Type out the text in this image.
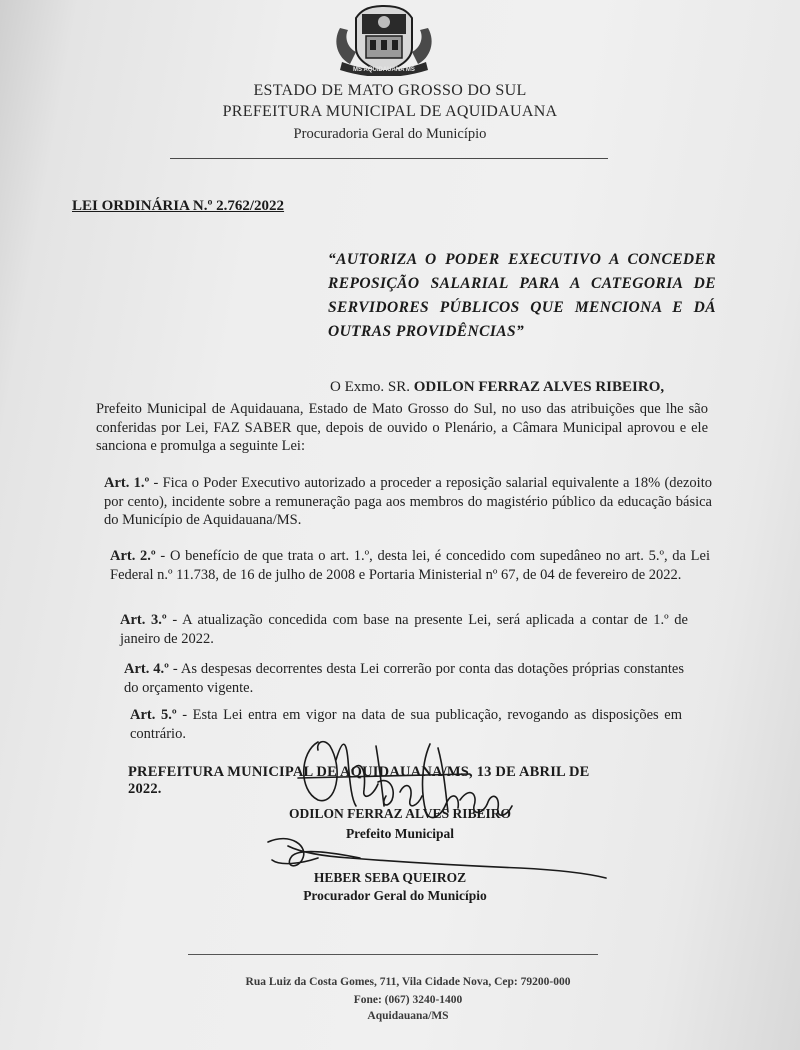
MS AQUIDAUANA MS
ESTADO DE MATO GROSSO DO SUL
PREFEITURA MUNICIPAL DE AQUIDAUANA
Procuradoria Geral do Município
LEI ORDINÁRIA N.º 2.762/2022
“AUTORIZA O PODER EXECUTIVO A CONCEDER REPOSIÇÃO SALARIAL PARA A CATEGORIA DE SERVIDORES PÚBLICOS QUE MENCIONA E DÁ OUTRAS PROVIDÊNCIAS”
O Exmo. SR. ODILON FERRAZ ALVES RIBEIRO,
Prefeito Municipal de Aquidauana, Estado de Mato Grosso do Sul, no uso das atribuições que lhe são conferidas por Lei, FAZ SABER que, depois de ouvido o Plenário, a Câmara Municipal aprovou e ele sanciona e promulga a seguinte Lei:
Art. 1.º - Fica o Poder Executivo autorizado a proceder a reposição salarial equivalente a 18% (dezoito por cento), incidente sobre a remuneração paga aos membros do magistério público da educação básica do Município de Aquidauana/MS.
Art. 2.º - O benefício de que trata o art. 1.º, desta lei, é concedido com supedâneo no art. 5.º, da Lei Federal n.º 11.738, de 16 de julho de 2008 e Portaria Ministerial nº 67, de 04 de fevereiro de 2022.
Art. 3.º - A atualização concedida com base na presente Lei, será aplicada a contar de 1.º de janeiro de 2022.
Art. 4.º - As despesas decorrentes desta Lei correrão por conta das dotações próprias constantes do orçamento vigente.
Art. 5.º - Esta Lei entra em vigor na data de sua publicação, revogando as disposições em contrário.
PREFEITURA MUNICIPAL DE AQUIDAUANA/MS, 13 DE ABRIL DE 2022.
ODILON FERRAZ ALVES RIBEIRO
Prefeito Municipal
HEBER SEBA QUEIROZ
Procurador Geral do Município
Rua Luiz da Costa Gomes, 711, Vila Cidade Nova, Cep: 79200-000
Fone: (067) 3240-1400
Aquidauana/MS
